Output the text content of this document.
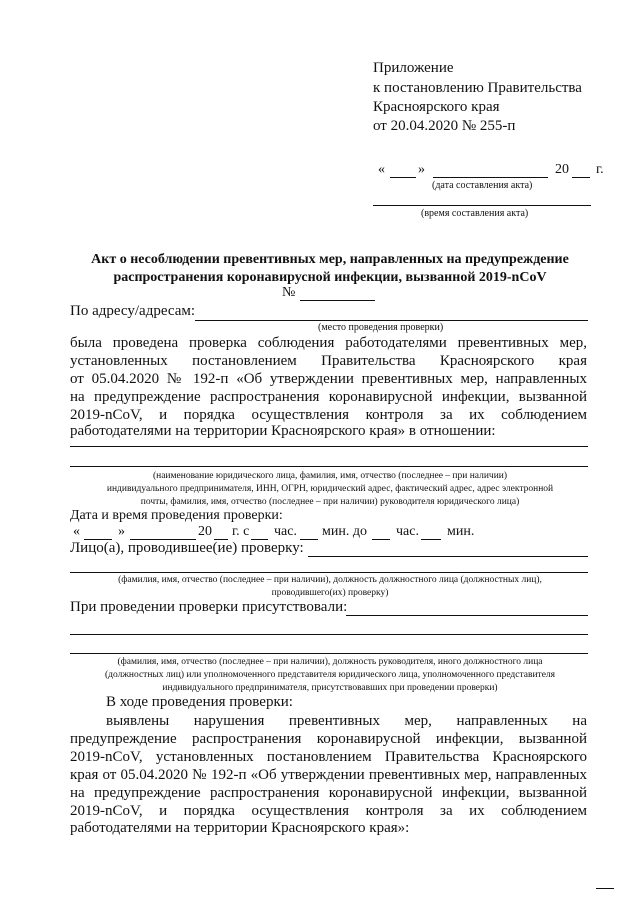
Приложение
к постановлению Правительства
Красноярского края
от 20.04.2020 № 255-п
« »	20 г.
(дата составления акта)
(время составления акта)
Акт о несоблюдении превентивных мер, направленных на предупреждение
распространения коронавирусной инфекции, вызванной 2019-nCoV
№
По адресу/адресам:
(место проведения проверки)
была проведена проверка соблюдения работодателями превентивных мер,
установленных постановлением Правительства Красноярского края
от 05.04.2020 № 192-п «Об утверждении превентивных мер, направленных
на предупреждение распространения коронавирусной инфекции, вызванной
2019-nCoV, и порядка осуществления контроля за их соблюдением
работодателями на территории Красноярского края» в отношении:
(наименование юридического лица, фамилия, имя, отчество (последнее – при наличии)
индивидуального предпринимателя, ИНН, ОГРН, юридический адрес, фактический адрес, адрес электронной
почты, фамилия, имя, отчество (последнее – при наличии) руководителя юридического лица)
Дата и время проведения проверки:
«	»	20 г. с час. мин. до час. мин.
Лицо(а), проводившее(ие) проверку:
(фамилия, имя, отчество (последнее – при наличии), должность должностного лица (должностных лиц),
проводившего(их) проверку)
При проведении проверки присутствовали:
(фамилия, имя, отчество (последнее – при наличии), должность руководителя, иного должностного лица
(должностных лиц) или уполномоченного представителя юридического лица, уполномоченного представителя
индивидуального предпринимателя, присутствовавших при проведении проверки)
В ходе проведения проверки:
выявлены нарушения превентивных мер, направленных на
предупреждение распространения коронавирусной инфекции, вызванной
2019-nCoV, установленных постановлением Правительства Красноярского
края от 05.04.2020 № 192-п «Об утверждении превентивных мер, направленных
на предупреждение распространения коронавирусной инфекции, вызванной
2019-nCoV, и порядка осуществления контроля за их соблюдением
работодателями на территории Красноярского края»:
